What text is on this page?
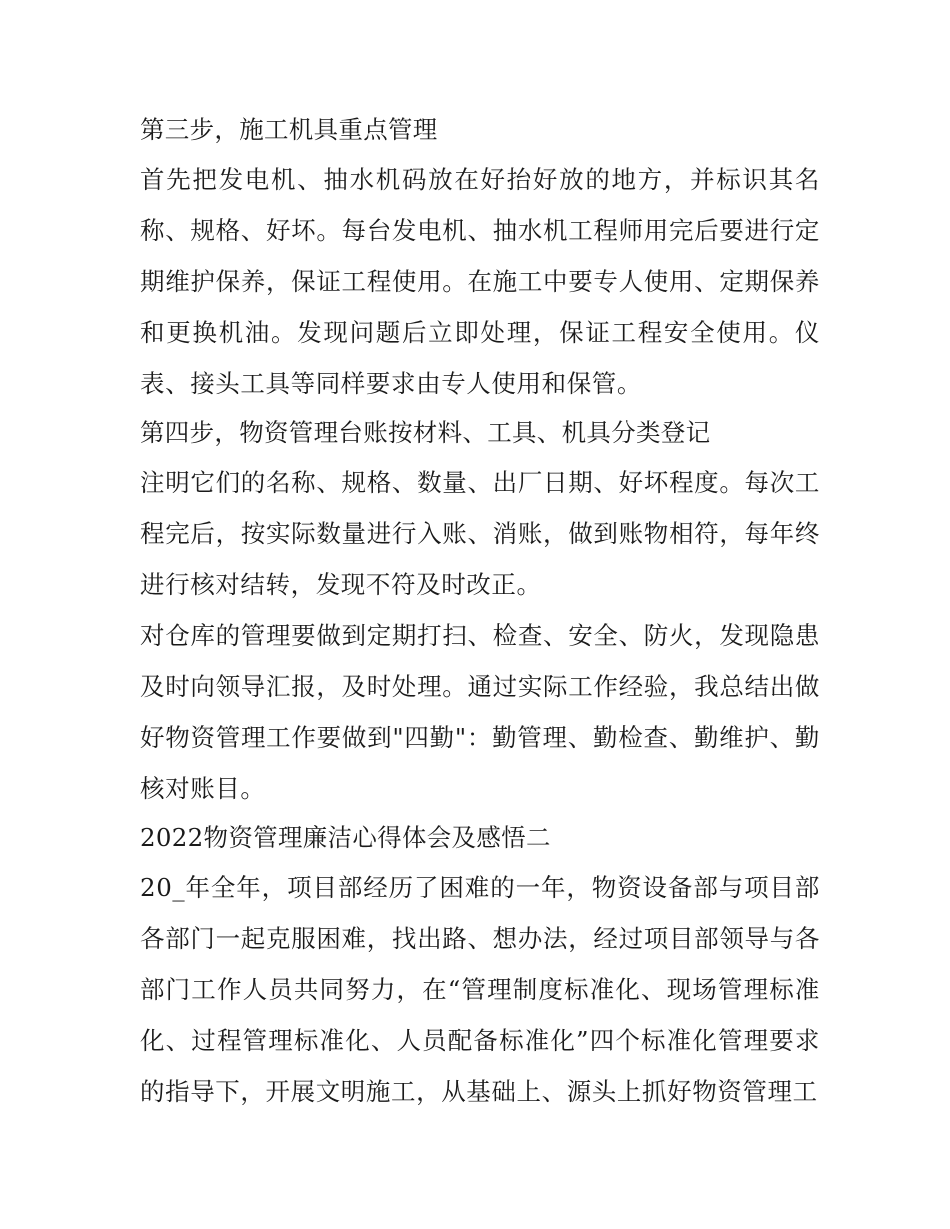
第三步，施工机具重点管理

首先把发电机、抽水机码放在好抬好放的地方，并标识其名称、规格、好坏。每台发电机、抽水机工程师用完后要进行定期维护保养，保证工程使用。在施工中要专人使用、定期保养和更换机油。发现问题后立即处理，保证工程安全使用。仪表、接头工具等同样要求由专人使用和保管。

第四步，物资管理台账按材料、工具、机具分类登记

注明它们的名称、规格、数量、出厂日期、好坏程度。每次工程完后，按实际数量进行入账、消账，做到账物相符，每年终进行核对结转，发现不符及时改正。

对仓库的管理要做到定期打扫、检查、安全、防火，发现隐患及时向领导汇报，及时处理。通过实际工作经验，我总结出做好物资管理工作要做到"四勤"：勤管理、勤检查、勤维护、勤核对账目。

2022物资管理廉洁心得体会及感悟二

20_年全年，项目部经历了困难的一年，物资设备部与项目部各部门一起克服困难，找出路、想办法，经过项目部领导与各部门工作人员共同努力，在“管理制度标准化、现场管理标准化、过程管理标准化、人员配备标准化”四个标准化管理要求的指导下，开展文明施工，从基础上、源头上抓好物资管理工
